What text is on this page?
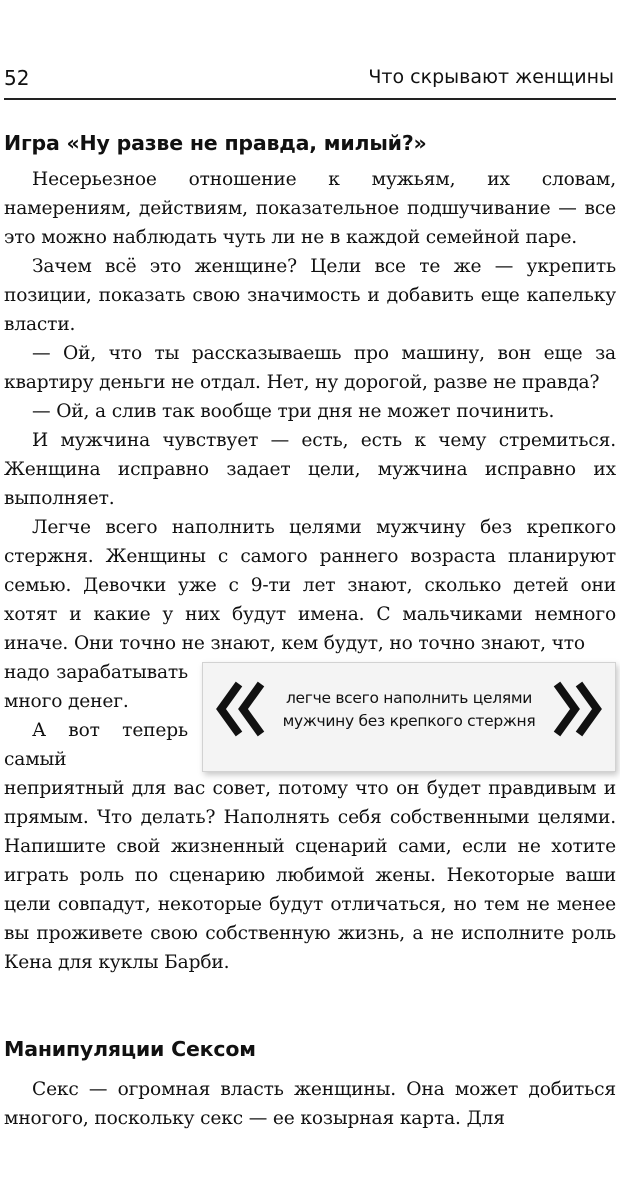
52	Что скрывают женщины
Игра «Ну разве не правда, милый?»

Несерьезное отношение к мужьям, их словам, намерениям, действиям, показательное подшучивание — все это можно наблюдать чуть ли не в каждой семейной паре.

Зачем всё это женщине? Цели все те же — укрепить позиции, показать свою значимость и добавить еще капельку власти.

— Ой, что ты рассказываешь про машину, вон еще за квартиру деньги не отдал. Нет, ну дорогой, разве не правда?

— Ой, а слив так вообще три дня не может починить.

И мужчина чувствует — есть, есть к чему стремиться. Женщина исправно задает цели, мужчина исправно их выполняет.

Легче всего наполнить целями мужчину без крепкого стержня. Женщины с самого раннего возраста планируют семью. Девочки уже с 9-ти лет знают, сколько детей они хотят и какие у них будут имена. С мальчиками немного иначе. Они точно не знают, кем будут, но точно знают, что

легче всего наполнить целями мужчину без крепкого стержня

надо зарабатывать много денег.

А вот теперь самый неприятный для вас совет, потому что он будет правдивым и прямым. Что делать? Наполнять себя собственными целями. Напишите свой жизненный сценарий сами, если не хотите играть роль по сценарию любимой жены. Некоторые ваши цели совпадут, некоторые будут отличаться, но тем не менее вы проживете свою собственную жизнь, а не исполните роль Кена для куклы Барби.

Манипуляции Сексом

Секс — огромная власть женщины. Она может добиться многого, поскольку секс — ее козырная карта. Для
